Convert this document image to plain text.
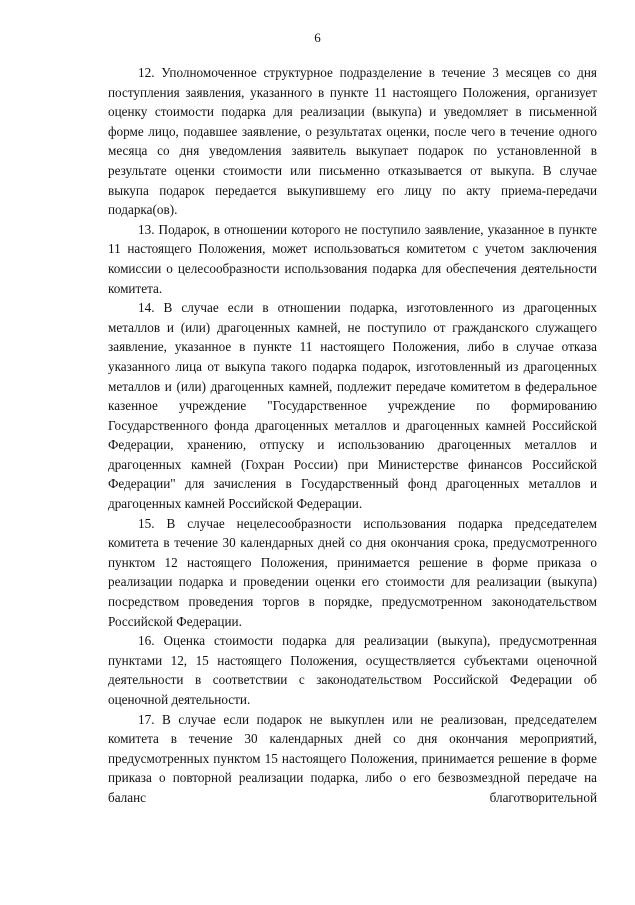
6

12. Уполномоченное структурное подразделение в течение 3 месяцев со дня поступления заявления, указанного в пункте 11 настоящего Положения, организует оценку стоимости подарка для реализации (выкупа) и уведомляет в письменной форме лицо, подавшее заявление, о результатах оценки, после чего в течение одного месяца со дня уведомления заявитель выкупает подарок по установленной в результате оценки стоимости или письменно отказывается от выкупа. В случае выкупа подарок передается выкупившему его лицу по акту приема-передачи подарка(ов).

13. Подарок, в отношении которого не поступило заявление, указанное в пункте 11 настоящего Положения, может использоваться комитетом с учетом заключения комиссии о целесообразности использования подарка для обеспечения деятельности комитета.

14. В случае если в отношении подарка, изготовленного из драгоценных металлов и (или) драгоценных камней, не поступило от гражданского служащего заявление, указанное в пункте 11 настоящего Положения, либо в случае отказа указанного лица от выкупа такого подарка подарок, изготовленный из драгоценных металлов и (или) драгоценных камней, подлежит передаче комитетом в федеральное казенное учреждение "Государственное учреждение по формированию Государственного фонда драгоценных металлов и драгоценных камней Российской Федерации, хранению, отпуску и использованию драгоценных металлов и драгоценных камней (Гохран России) при Министерстве финансов Российской Федерации" для зачисления в Государственный фонд драгоценных металлов и драгоценных камней Российской Федерации.

15. В случае нецелесообразности использования подарка председателем комитета в течение 30 календарных дней со дня окончания срока, предусмотренного пунктом 12 настоящего Положения, принимается решение в форме приказа о реализации подарка и проведении оценки его стоимости для реализации (выкупа) посредством проведения торгов в порядке, предусмотренном законодательством Российской Федерации.

16. Оценка стоимости подарка для реализации (выкупа), предусмотренная пунктами 12, 15 настоящего Положения, осуществляется субъектами оценочной деятельности в соответствии с законодательством Российской Федерации об оценочной деятельности.

17. В случае если подарок не выкуплен или не реализован, председателем комитета в течение 30 календарных дней со дня окончания мероприятий, предусмотренных пунктом 15 настоящего Положения, принимается решение в форме приказа о повторной реализации подарка, либо о его безвозмездной передаче на баланс благотворительной
